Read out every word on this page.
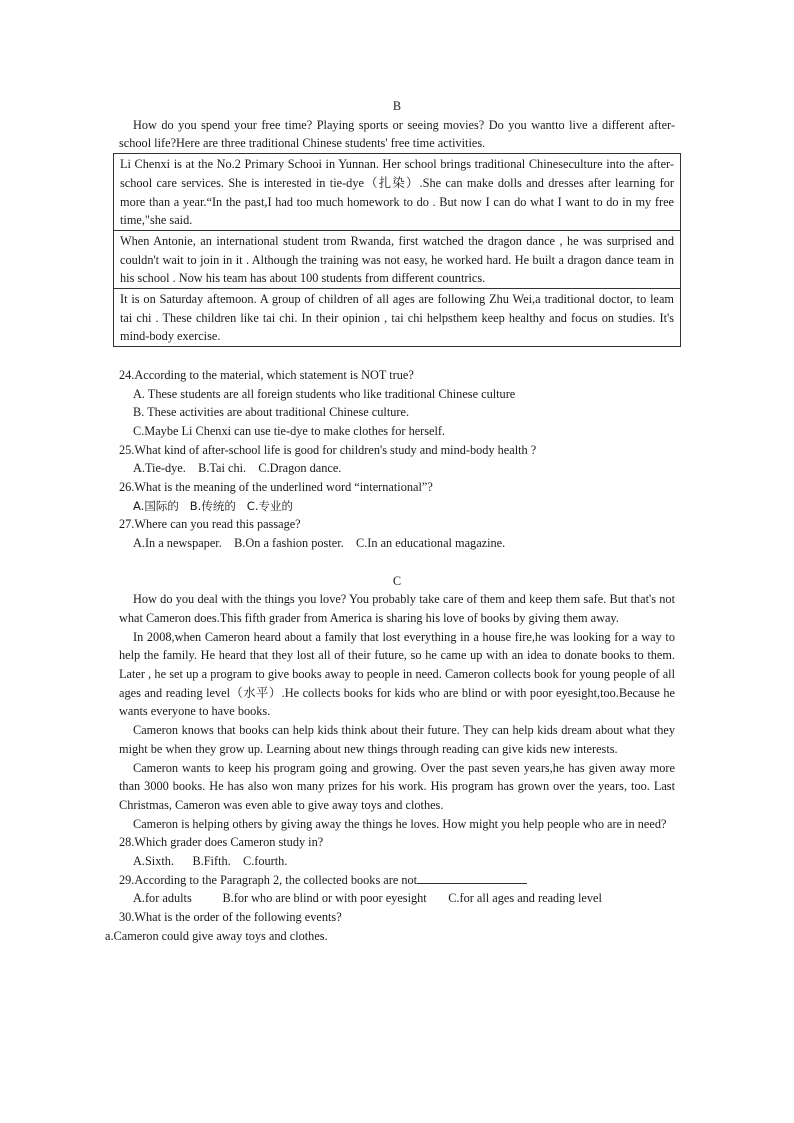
B

How do you spend your free time? Playing sports or seeing movies? Do you wantto live a different after-school life?Here are three traditional Chinese students' free time activities.

Li Chenxi is at the No.2 Primary Schooi in Yunnan. Her school brings traditional Chineseculture into the after-school care services. She is interested in tie-dye（扎染）.She can make dolls and dresses after learning for more than a year.“In the past,I had too much homework to do . But now I can do what I want to do in my free time,"she said.
When Antonie, an international student trom Rwanda, first watched the dragon dance , he was surprised and couldn't wait to join in it . Although the training was not easy, he worked hard. He built a dragon dance team in his school . Now his team has about 100 students from different countrics.
It is on Saturday aftemoon. A group of children of all ages are following Zhu Wei,a traditional doctor, to leam tai chi . These children like tai chi. In their opinion , tai chi helpsthem keep healthy and focus on studies. It's mind-body exercise.

24.According to the material, which statement is NOT true?

A. These students are all foreign students who like traditional Chinese culture

B. These activities are about traditional Chinese culture.

C.Maybe Li Chenxi can use tie-dye to make clothes for herself.

25.What kind of after-school life is good for children's study and mind-body health ?

A.Tie-dye.    B.Tai chi.    C.Dragon dance.

26.What is the meaning of the underlined word “international”?

A.国际的   B.传统的   C.专业的

27.Where can you read this passage?

A.In a newspaper.    B.On a fashion poster.    C.In an educational magazine.

C

How do you deal with the things you love? You probably take care of them and keep them safe. But that's not what Cameron does.This fifth grader from America is sharing his love of books by giving them away.

In 2008,when Cameron heard about a family that lost everything in a house fire,he was looking for a way to help the family. He heard that they lost all of their future, so he came up with an idea to donate books to them. Later , he set up a program to give books away to people in need. Cameron collects book for young people of all ages and reading level（水平）.He collects books for kids who are blind or with poor eyesight,too.Because he wants everyone to have books.

Cameron knows that books can help kids think about their future. They can help kids dream about what they might be when they grow up. Learning about new things through reading can give kids new interests.

Cameron wants to keep his program going and growing. Over the past seven years,he has given away more than 3000 books. He has also won many prizes for his work. His program has grown over the years, too. Last Christmas, Cameron was even able to give away toys and clothes.

Cameron is helping others by giving away the things he loves. How might you help people who are in need?

28.Which grader does Cameron study in?

A.Sixth.      B.Fifth.    C.fourth.

29.According to the Paragraph 2, the collected books are not

A.for adults          B.for who are blind or with poor eyesight       C.for all ages and reading level

30.What is the order of the following events?

a.Cameron could give away toys and clothes.
